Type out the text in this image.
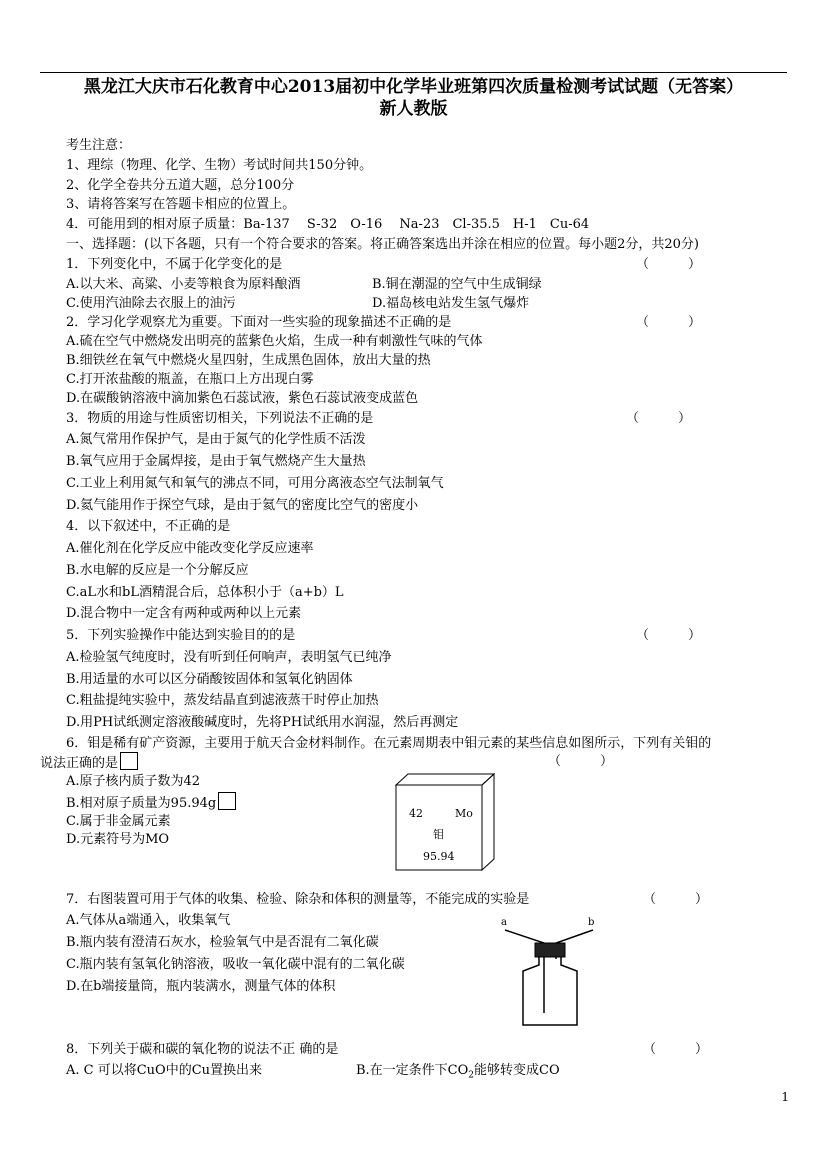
黑龙江大庆市石化教育中心2013届初中化学毕业班第四次质量检测考试试题（无答案）
新人教版
考生注意：
1、理综（物理、化学、生物）考试时间共150分钟。
2、化学全卷共分五道大题，总分100分
3、请将答案写在答题卡相应的位置上。
4．可能用到的相对原子质量：Ba-137　 S-32　O-16　 Na-23　Cl-35.5　H-1　Cu-64
一、选择题：(以下各题，只有一个符合要求的答案。将正确答案选出并涂在相应的位置。每小题2分，共20分)
1．下列变化中，不属于化学变化的是	（　　　）
A.以大米、高粱、小麦等粮食为原料酿酒	B.铜在潮湿的空气中生成铜绿
C.使用汽油除去衣服上的油污	D.福岛核电站发生氢气爆炸
2．学习化学观察尤为重要。下面对一些实验的现象描述不正确的是	（　　　）
A.硫在空气中燃烧发出明亮的蓝紫色火焰，生成一种有刺激性气味的气体
B.细铁丝在氧气中燃烧火星四射，生成黑色固体，放出大量的热
C.打开浓盐酸的瓶盖，在瓶口上方出现白雾
D.在碳酸钠溶液中滴加紫色石蕊试液，紫色石蕊试液变成蓝色
3．物质的用途与性质密切相关，下列说法不正确的是	（　　　）
A.氮气常用作保护气，是由于氮气的化学性质不活泼
B.氧气应用于金属焊接，是由于氧气燃烧产生大量热
C.工业上利用氮气和氧气的沸点不同，可用分离液态空气法制氧气
D.氦气能用作于探空气球，是由于氦气的密度比空气的密度小
4．以下叙述中，不正确的是
A.催化剂在化学反应中能改变化学反应速率
B.水电解的反应是一个分解反应
C.aL水和bL酒精混合后，总体积小于（a+b）L
D.混合物中一定含有两种或两种以上元素
5．下列实验操作中能达到实验目的的是	（　　　）
A.检验氢气纯度时，没有听到任何响声，表明氢气已纯净
B.用适量的水可以区分硝酸铵固体和氢氧化钠固体
C.粗盐提纯实验中，蒸发结晶直到滤液蒸干时停止加热
D.用PH试纸测定溶液酸碱度时，先将PH试纸用水润湿，然后再测定
6．钼是稀有矿产资源，主要用于航天合金材料制作。在元素周期表中钼元素的某些信息如图所示，下列有关钼的
说法正确的是	（　　　）
A.原子核内质子数为42
B.相对原子质量为95.94g
C.属于非金属元素
D.元素符号为MO
42	Mo
钼
95.94
7．右图装置可用于气体的收集、检验、除杂和体积的测量等，不能完成的实验是	（　　　）
A.气体从a端通入，收集氧气
B.瓶内装有澄清石灰水，检验氧气中是否混有二氧化碳
C.瓶内装有氢氧化钠溶液，吸收一氧化碳中混有的二氧化碳
D.在b端接量筒，瓶内装满水，测量气体的体积
a	b
8．下列关于碳和碳的氧化物的说法不正 确的是	（　　　）
A. C 可以将CuO中的Cu置换出来	B.在一定条件下$CO_2$能够转变成CO
1
